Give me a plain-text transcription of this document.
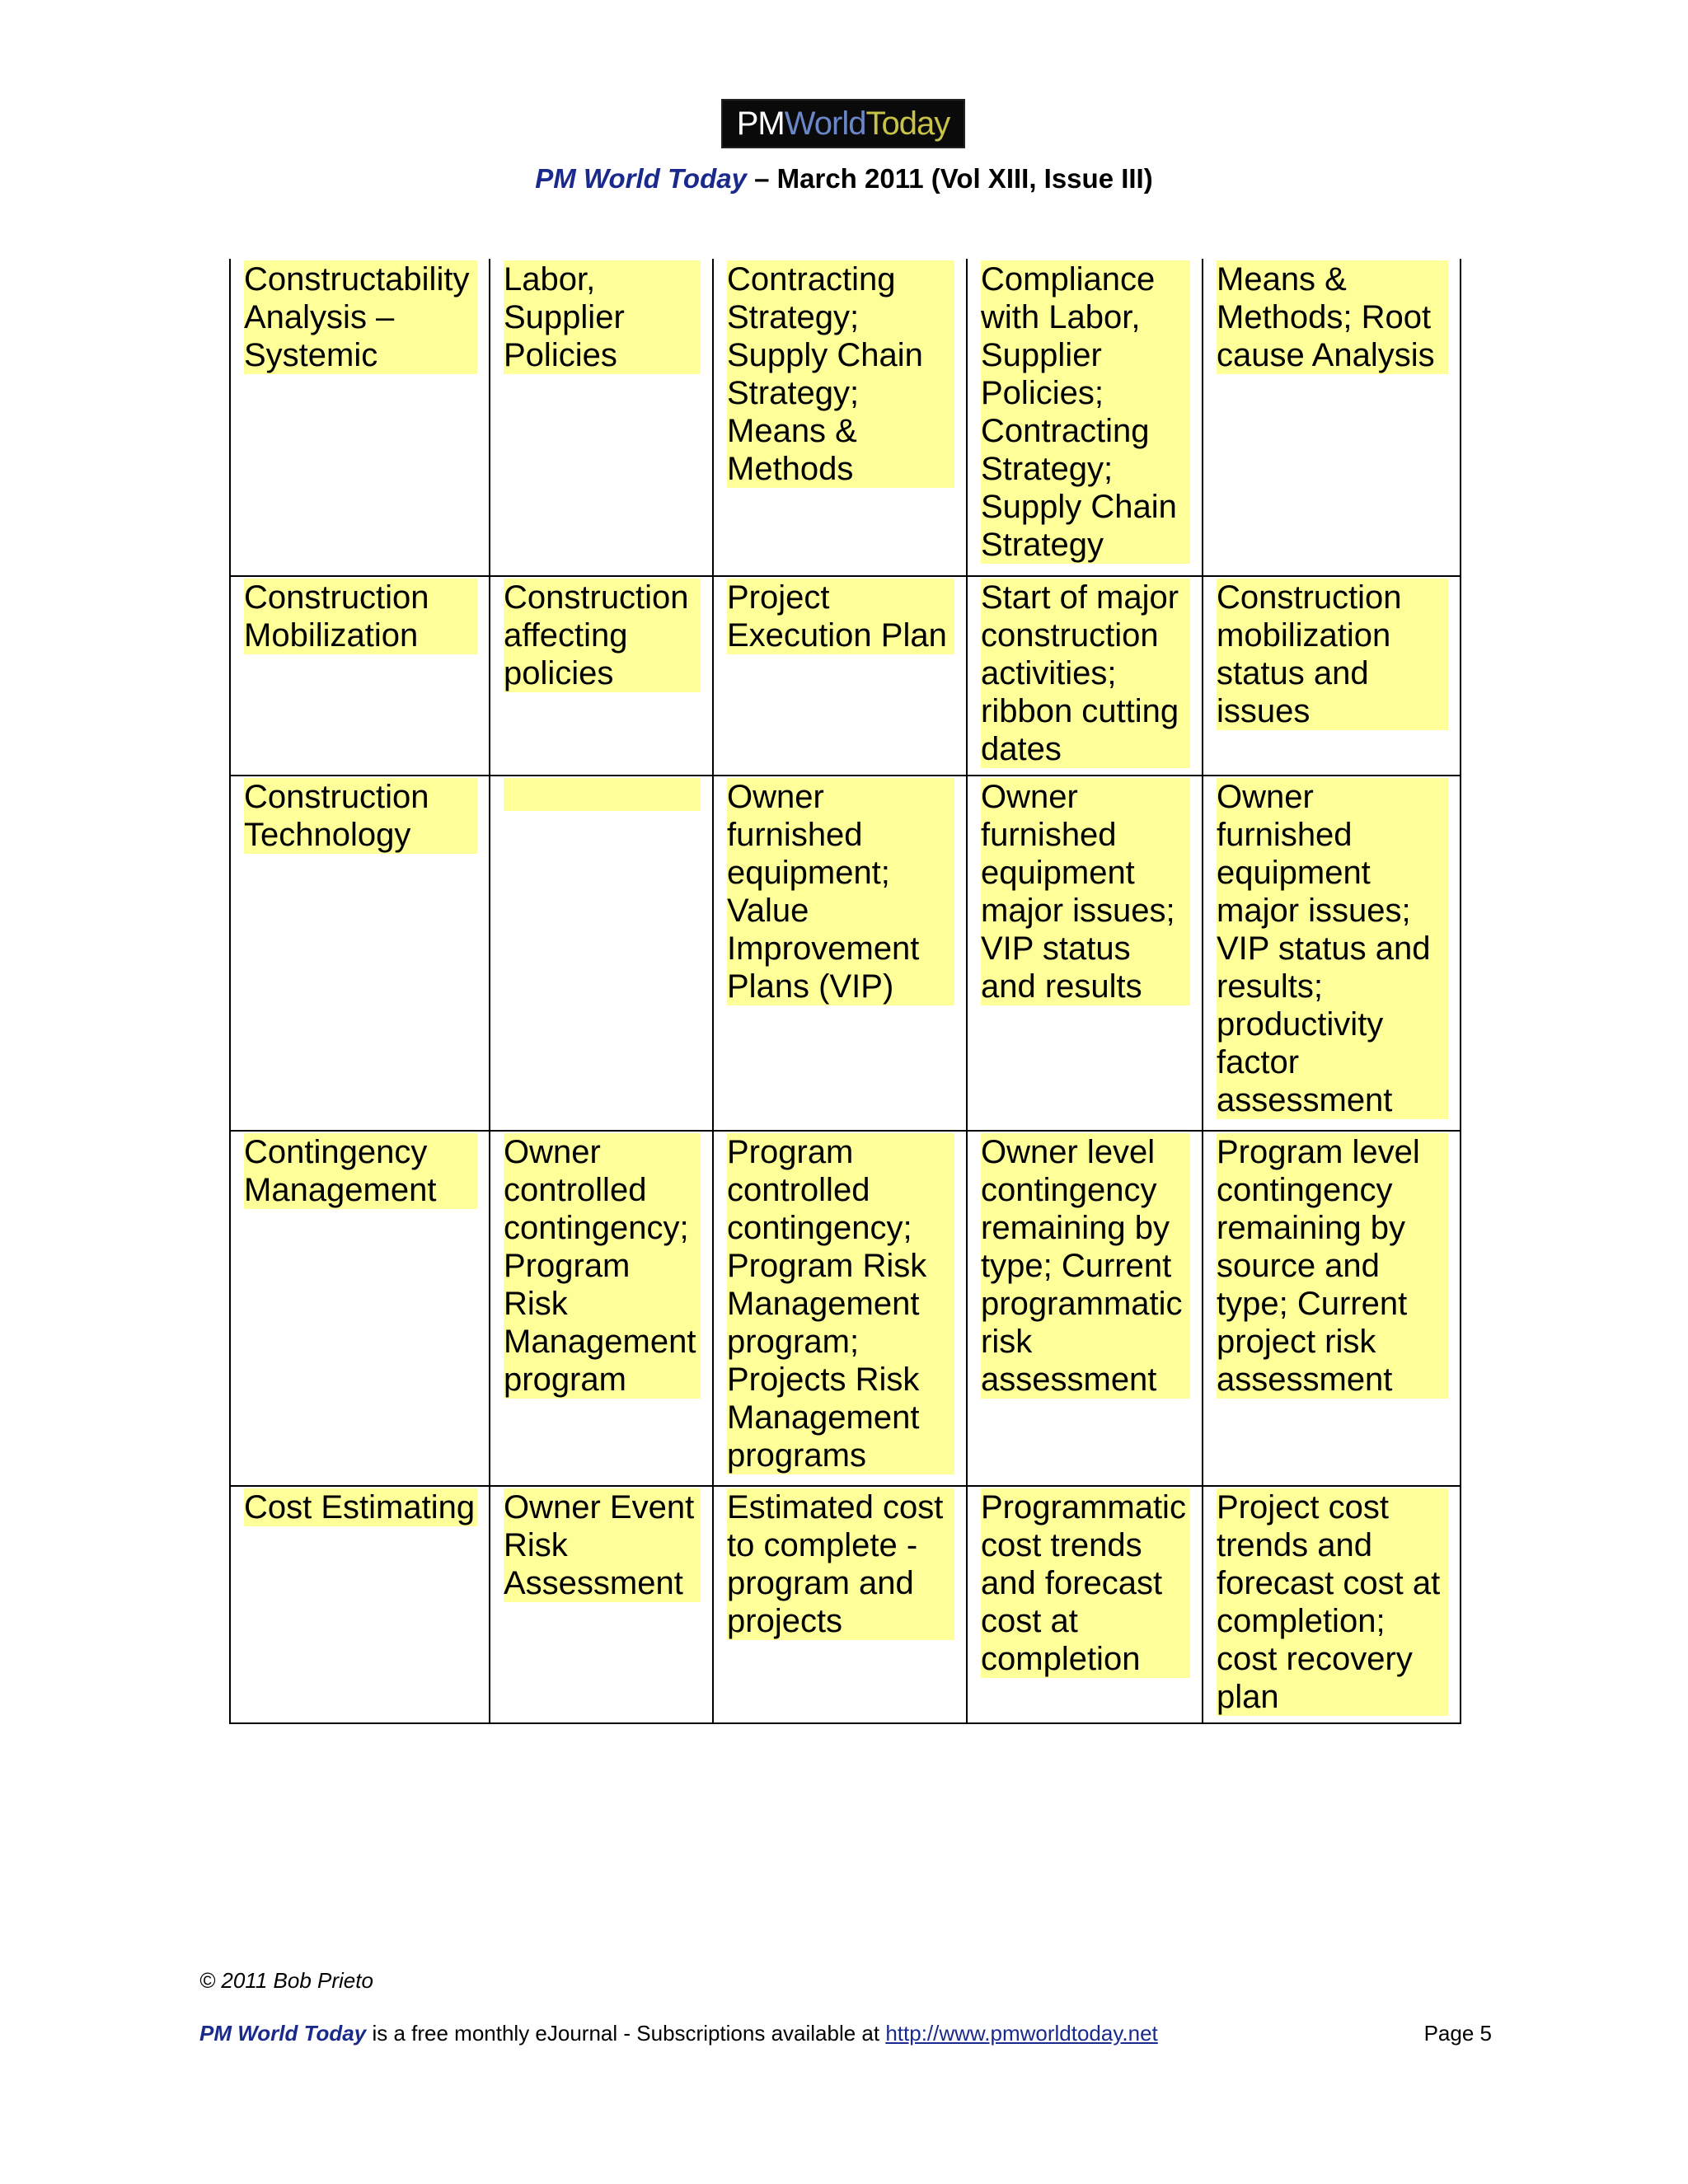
PM World Today
PM World Today – March 2011 (Vol XIII, Issue III)
Constructability Analysis – Systemic	Labor, Supplier Policies	Contracting Strategy; Supply Chain Strategy; Means & Methods	Compliance with Labor, Supplier Policies; Contracting Strategy; Supply Chain Strategy	Means & Methods; Root cause Analysis

Construction Mobilization	Construction affecting policies	Project Execution Plan	Start of major construction activities; ribbon cutting dates	Construction mobilization status and issues

Construction Technology		Owner furnished equipment; Value Improvement Plans (VIP)	Owner furnished equipment major issues; VIP status and results	Owner furnished equipment major issues; VIP status and results; productivity factor assessment

Contingency Management	Owner controlled contingency; Program Risk Management program	Program controlled contingency; Program Risk Management program; Projects Risk Management programs	Owner level contingency remaining by type; Current programmatic risk assessment	Program level contingency remaining by source and type; Current project risk assessment

Cost Estimating	Owner Event Risk Assessment	Estimated cost to complete - program and projects	Programmatic cost trends and forecast cost at completion	Project cost trends and forecast cost at completion; cost recovery plan
© 2011 Bob Prieto
PM World Today is a free monthly eJournal - Subscriptions available at http://www.pmworldtoday.net	Page 5
